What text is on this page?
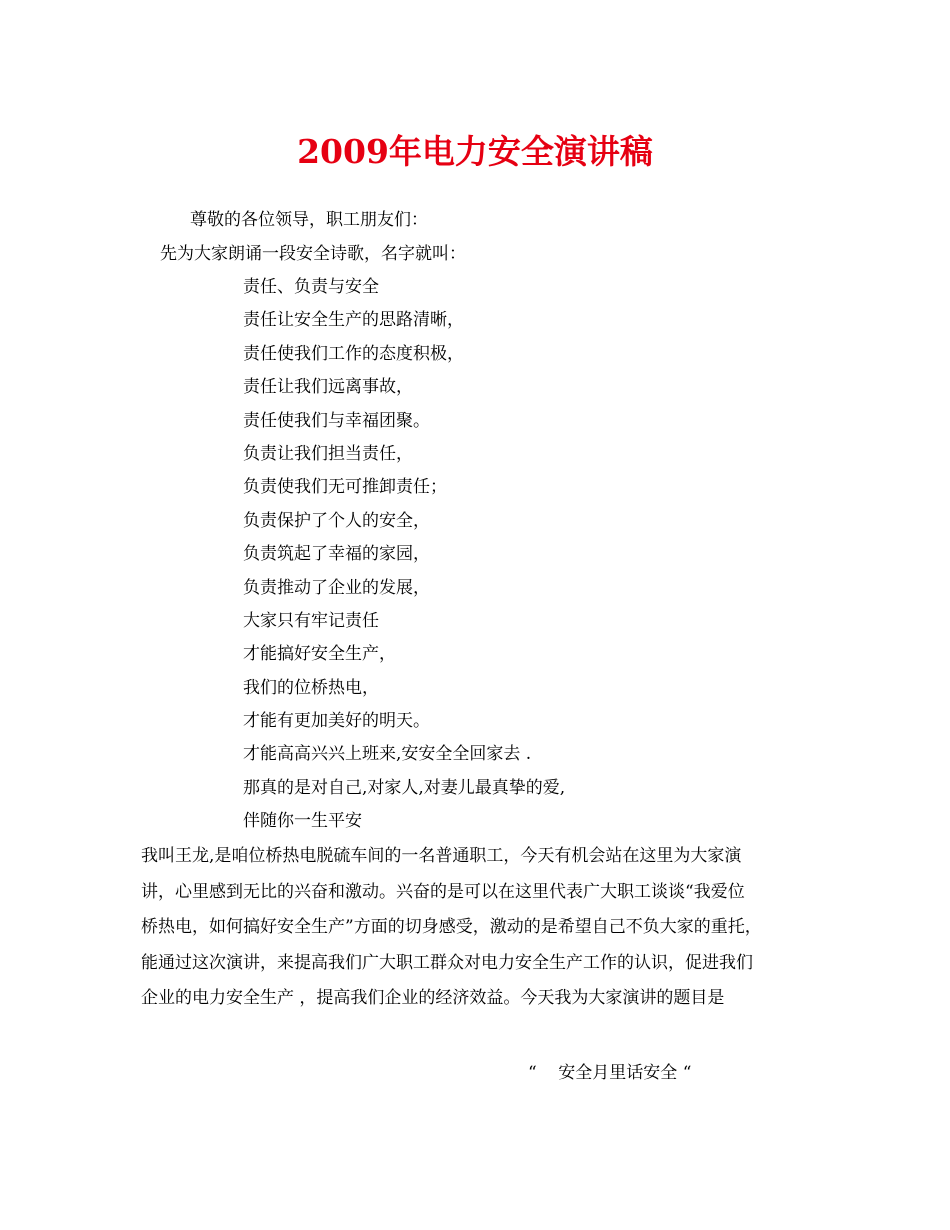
2009年电力安全演讲稿

尊敬的各位领导，职工朋友们：

先为大家朗诵一段安全诗歌，名字就叫：

责任、负责与安全
责任让安全生产的思路清晰，
责任使我们工作的态度积极，
责任让我们远离事故，
责任使我们与幸福团聚。
负责让我们担当责任，
负责使我们无可推卸责任；
负责保护了个人的安全，
负责筑起了幸福的家园，
负责推动了企业的发展，
大家只有牢记责任
才能搞好安全生产，
我们的位桥热电，
才能有更加美好的明天。
才能高高兴兴上班来,安安全全回家去 .
那真的是对自己,对家人,对妻儿最真挚的爱,
伴随你一生平安
我叫王龙,是咱位桥热电脱硫车间的一名普通职工，今天有机会站在这里为大家演
讲，心里感到无比的兴奋和激动。兴奋的是可以在这里代表广大职工谈谈“我爱位
桥热电，如何搞好安全生产”方面的切身感受，激动的是希望自己不负大家的重托，
能通过这次演讲，来提高我们广大职工群众对电力安全生产工作的认识，促进我们
企业的电力安全生产 ，提高我们企业的经济效益。今天我为大家演讲的题目是

“    安全月里话安全 “
